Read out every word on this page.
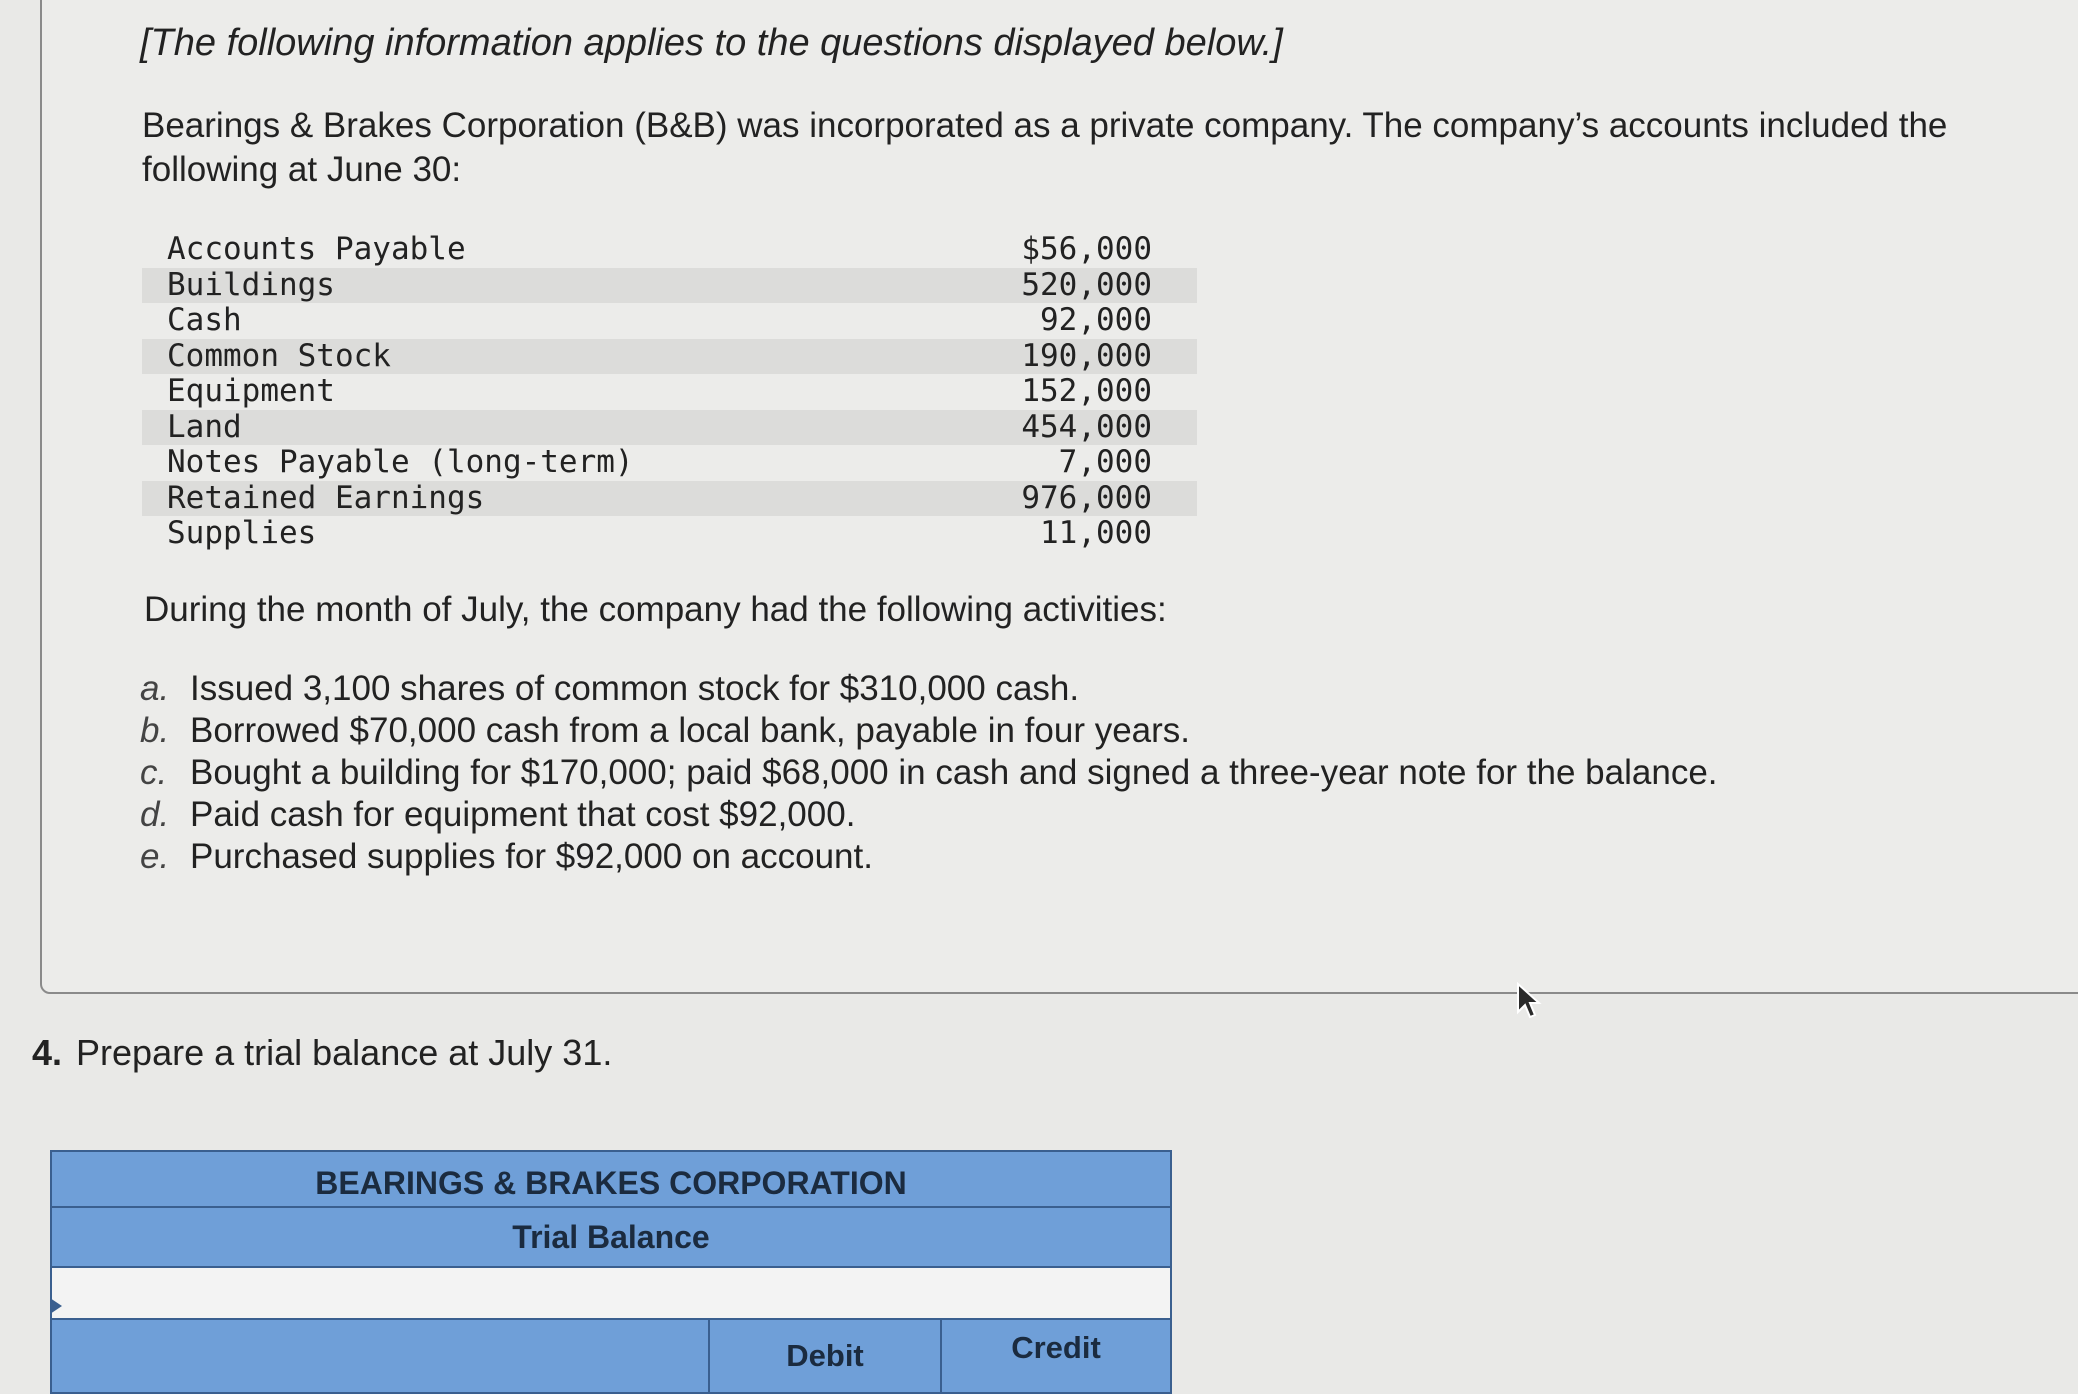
[The following information applies to the questions displayed below.]
Bearings & Brakes Corporation (B&B) was incorporated as a private company. The company’s accounts included the following at June 30:
Accounts Payable	$56,000
Buildings	520,000
Cash	92,000
Common Stock	190,000
Equipment	152,000
Land	454,000
Notes Payable (long-term)	7,000
Retained Earnings	976,000
Supplies	11,000
During the month of July, the company had the following activities:
a. Issued 3,100 shares of common stock for $310,000 cash.
b. Borrowed $70,000 cash from a local bank, payable in four years.
c. Bought a building for $170,000; paid $68,000 in cash and signed a three-year note for the balance.
d. Paid cash for equipment that cost $92,000.
e. Purchased supplies for $92,000 on account.
4. Prepare a trial balance at July 31.
BEARINGS & BRAKES CORPORATION
Trial Balance
Debit	Credit
